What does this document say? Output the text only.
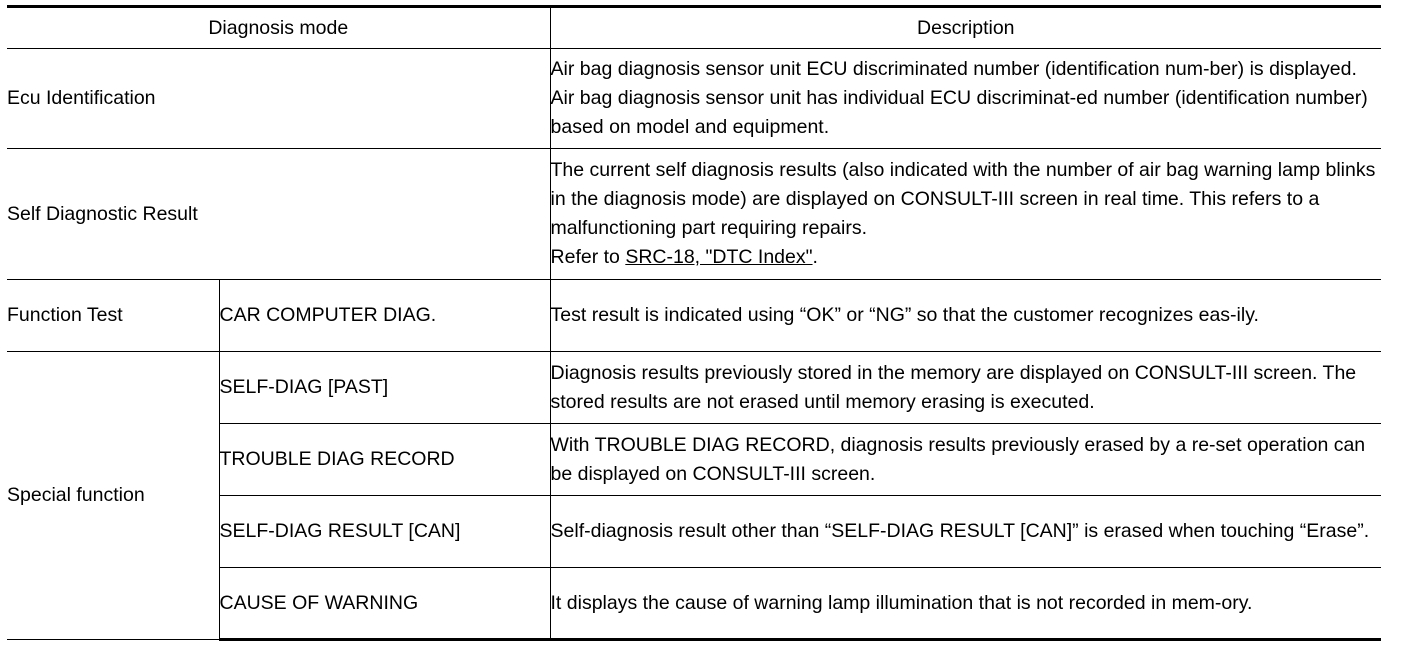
Diagnosis mode		Description
Ecu Identification		Air bag diagnosis sensor unit ECU discriminated number (identification num-ber) is displayed. Air bag diagnosis sensor unit has individual ECU discriminat-ed number (identification number) based on model and equipment.
Self Diagnostic Result		The current self diagnosis results (also indicated with the number of air bag warning lamp blinks in the diagnosis mode) are displayed on CONSULT-III screen in real time. This refers to a malfunctioning part requiring repairs.
Refer to SRC-18, "DTC Index".
Function Test	CAR COMPUTER DIAG.	Test result is indicated using “OK” or “NG” so that the customer recognizes eas-ily.
Special function	SELF-DIAG [PAST]	Diagnosis results previously stored in the memory are displayed on CONSULT-III screen. The stored results are not erased until memory erasing is executed.
	TROUBLE DIAG RECORD	With TROUBLE DIAG RECORD, diagnosis results previously erased by a re-set operation can be displayed on CONSULT-III screen.
	SELF-DIAG RESULT [CAN]	Self-diagnosis result other than “SELF-DIAG RESULT [CAN]” is erased when touching “Erase”.
	CAUSE OF WARNING	It displays the cause of warning lamp illumination that is not recorded in mem-ory.
